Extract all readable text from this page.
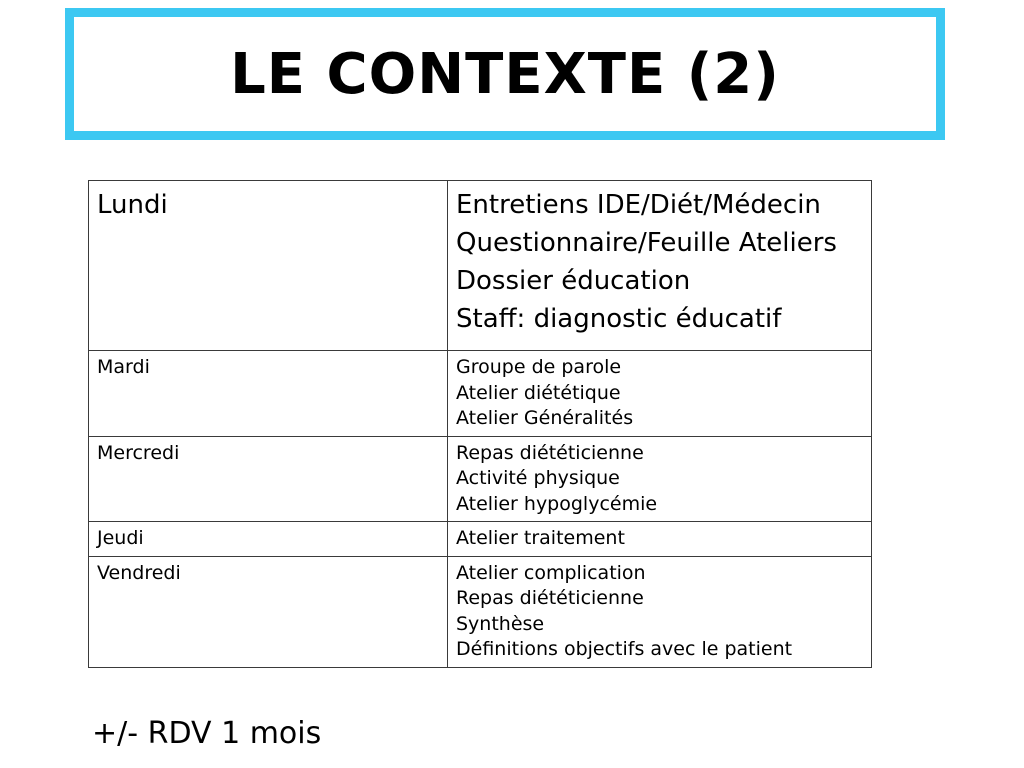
LE CONTEXTE (2)
Lundi	Entretiens IDE/Diét/Médecin
Questionnaire/Feuille Ateliers
Dossier éducation
Staff: diagnostic éducatif

Mardi	Groupe de parole
Atelier diététique
Atelier Généralités

Mercredi	Repas diététicienne
Activité physique
Atelier hypoglycémie

Jeudi	Atelier traitement

Vendredi	Atelier complication
Repas diététicienne
Synthèse
Définitions objectifs avec le patient
+/- RDV 1 mois
